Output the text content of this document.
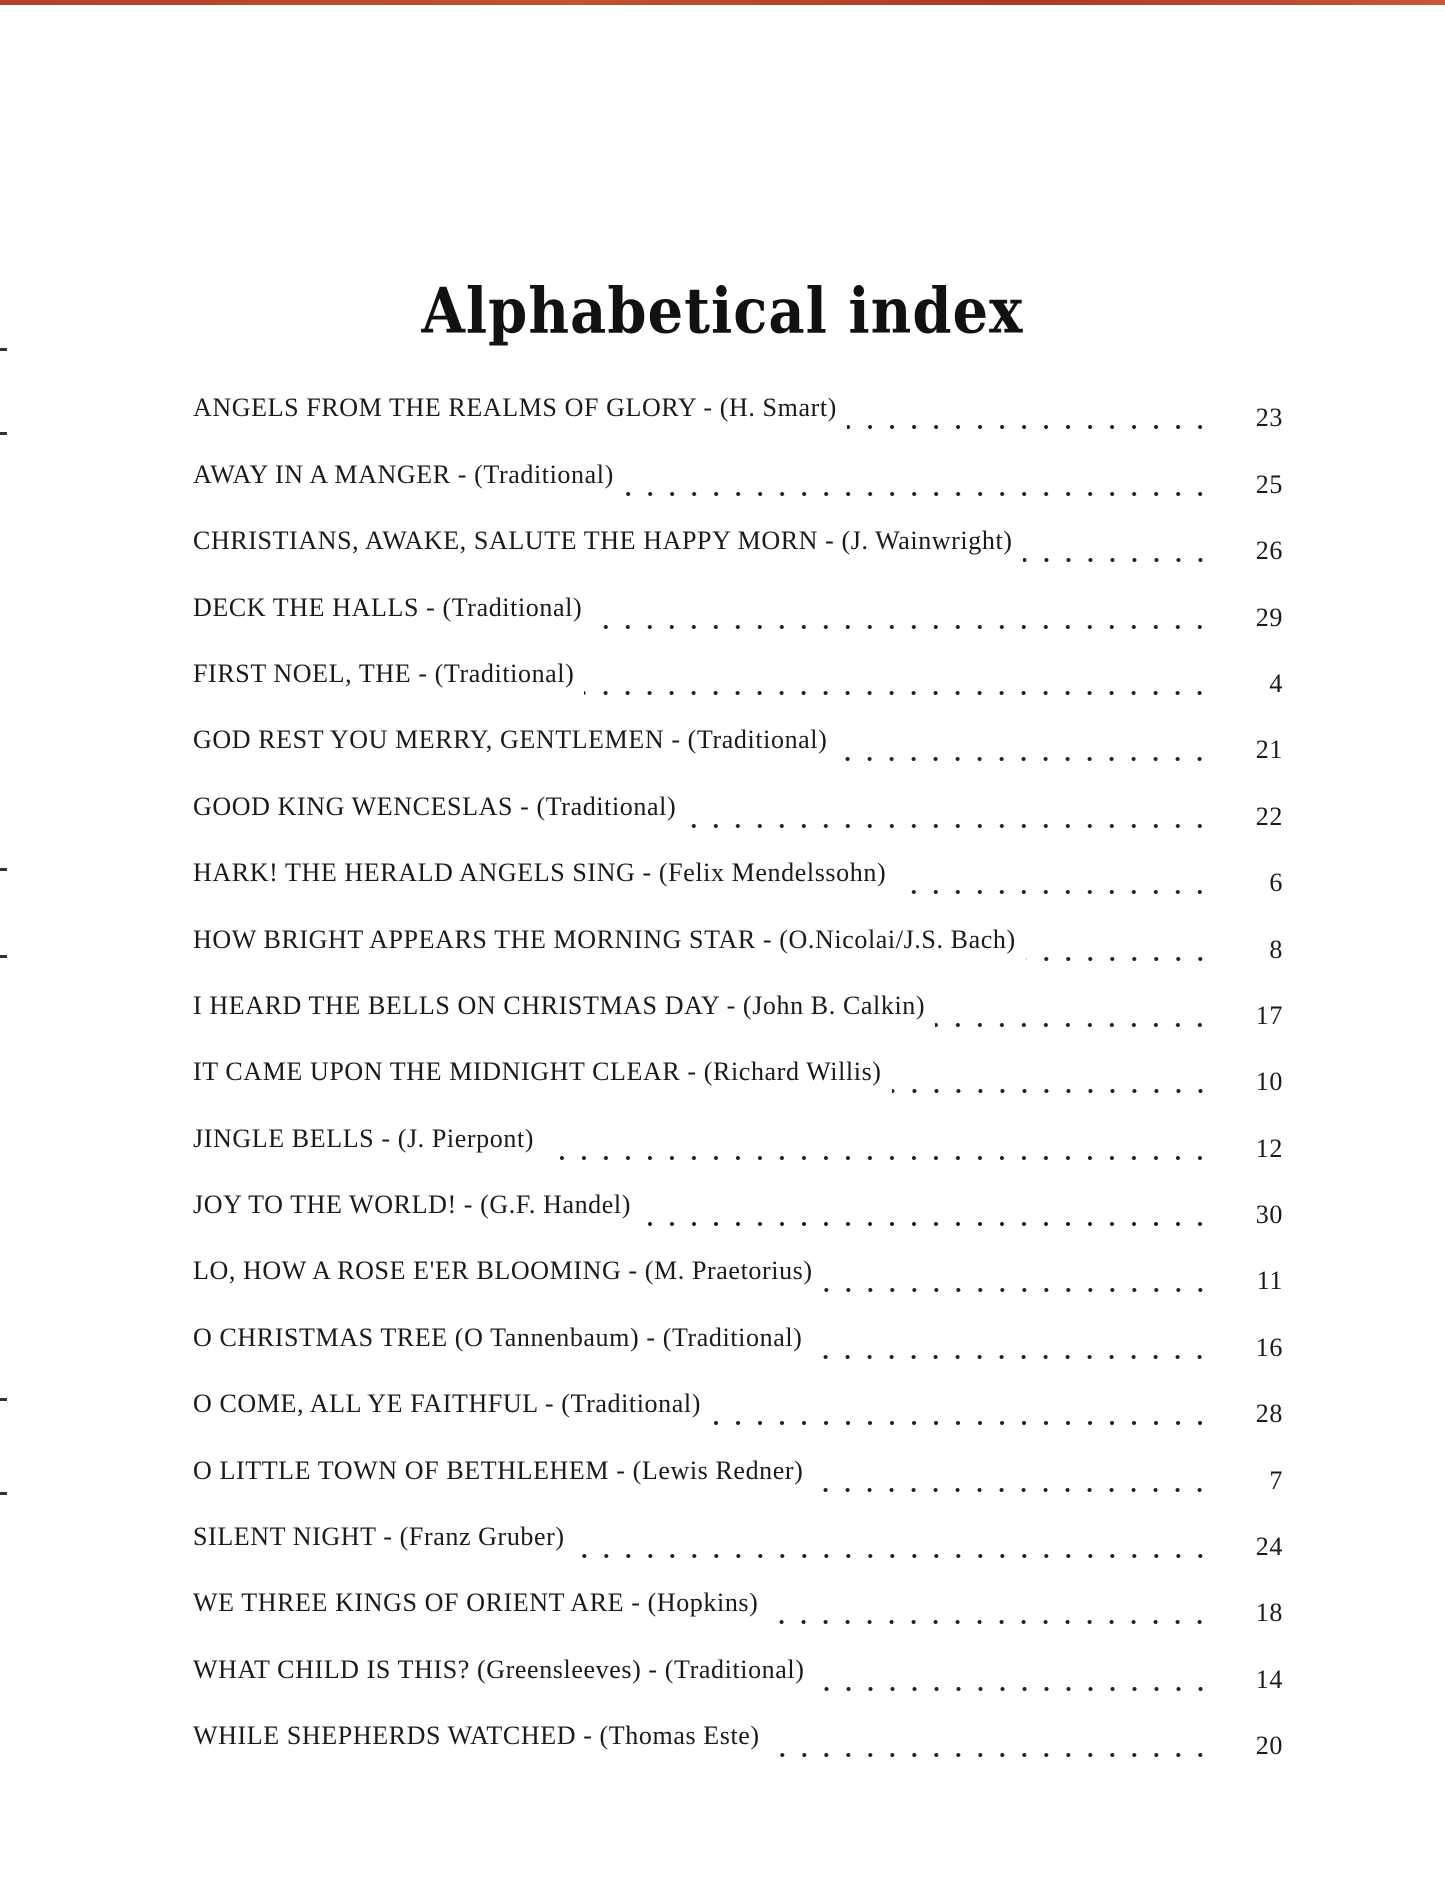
Alphabetical index
ANGELS FROM THE REALMS OF GLORY - (H. Smart)	23
AWAY IN A MANGER - (Traditional)	25
CHRISTIANS, AWAKE, SALUTE THE HAPPY MORN - (J. Wainwright)	26
DECK THE HALLS - (Traditional)	29
FIRST NOEL, THE - (Traditional)	4
GOD REST YOU MERRY, GENTLEMEN - (Traditional)	21
GOOD KING WENCESLAS - (Traditional)	22
HARK! THE HERALD ANGELS SING - (Felix Mendelssohn)	6
HOW BRIGHT APPEARS THE MORNING STAR - (O.Nicolai/J.S. Bach)	8
I HEARD THE BELLS ON CHRISTMAS DAY - (John B. Calkin)	17
IT CAME UPON THE MIDNIGHT CLEAR - (Richard Willis)	10
JINGLE BELLS - (J. Pierpont)	12
JOY TO THE WORLD! - (G.F. Handel)	30
LO, HOW A ROSE E'ER BLOOMING - (M. Praetorius)	11
O CHRISTMAS TREE (O Tannenbaum) - (Traditional)	16
O COME, ALL YE FAITHFUL - (Traditional)	28
O LITTLE TOWN OF BETHLEHEM - (Lewis Redner)	7
SILENT NIGHT - (Franz Gruber)	24
WE THREE KINGS OF ORIENT ARE - (Hopkins)	18
WHAT CHILD IS THIS? (Greensleeves) - (Traditional)	14
WHILE SHEPHERDS WATCHED - (Thomas Este)	20
